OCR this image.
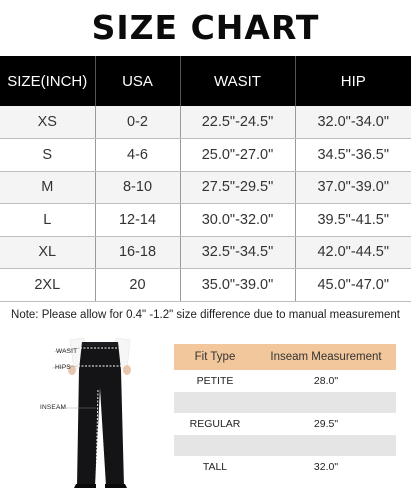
SIZE CHART
SIZE(INCH)	USA	WASIT	HIP
XS	0-2	22.5"-24.5"	32.0"-34.0"
S	4-6	25.0"-27.0"	34.5"-36.5"
M	8-10	27.5"-29.5"	37.0"-39.0"
L	12-14	30.0"-32.0"	39.5"-41.5"
XL	16-18	32.5"-34.5"	42.0"-44.5"
2XL	20	35.0"-39.0"	45.0"-47.0"
Note: Please allow for 0.4" -1.2" size difference due to manual measurement
WASIT
HIPS
INSEAM
Fit Type	Inseam Measurement
PETITE	28.0"

REGULAR	29.5"

TALL	32.0"
